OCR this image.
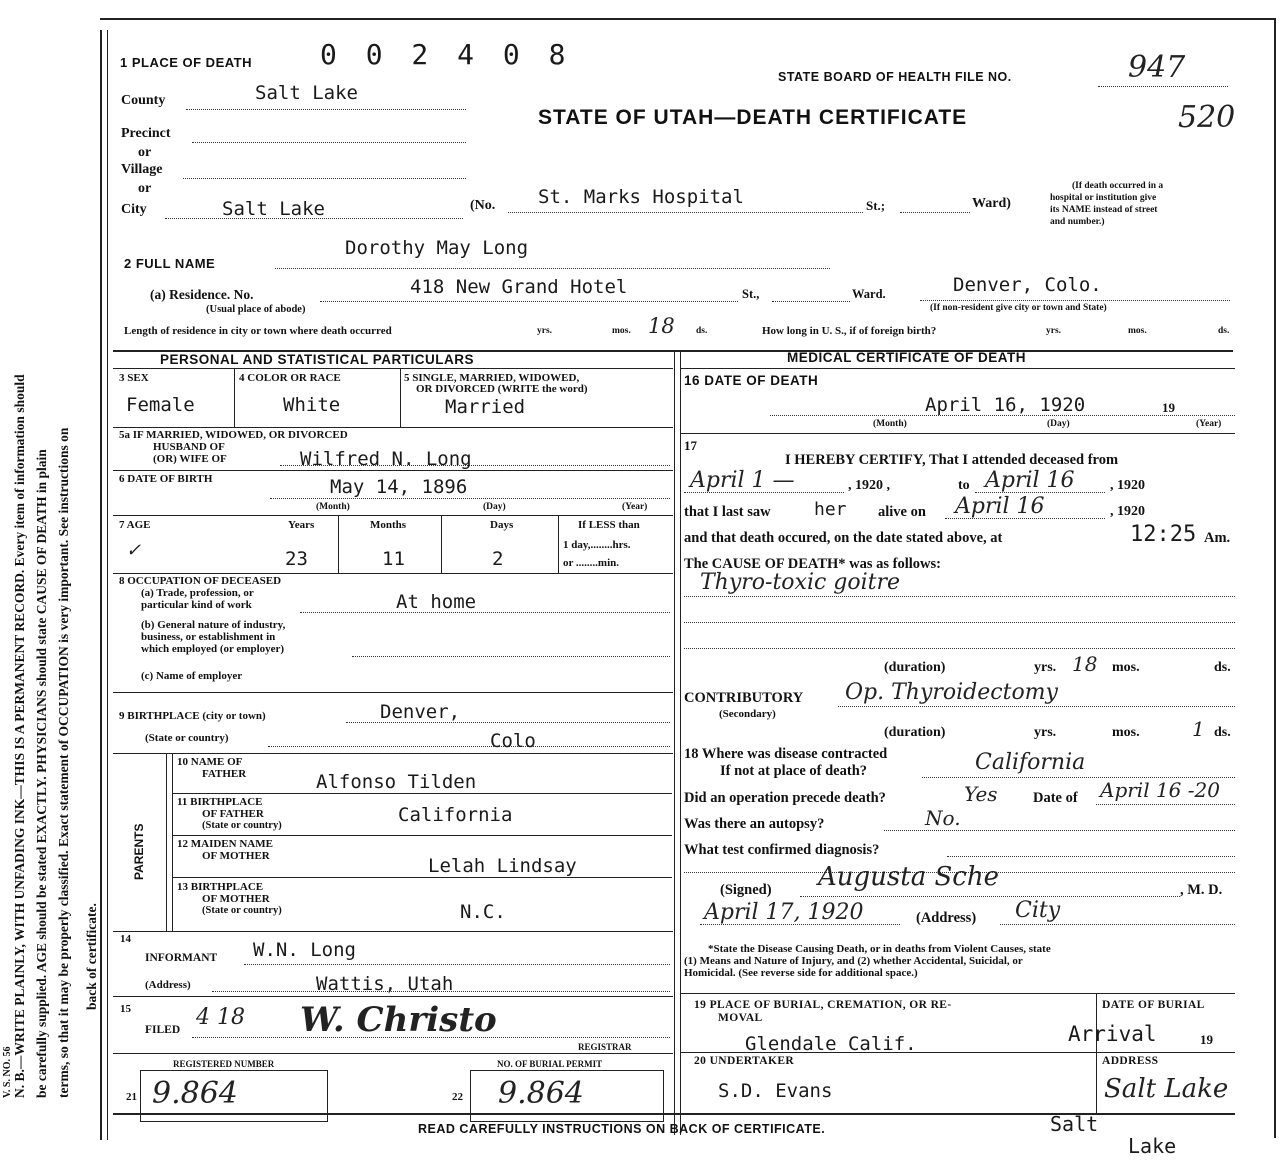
N. B.—WRITE PLAINLY, WITH UNFADING INK—THIS IS A PERMANENT RECORD. Every item of information should be carefully supplied. AGE should be stated EXACTLY. PHYSICIANS should state CAUSE OF DEATH in plain terms, so that it may be properly classified. Exact statement of OCCUPATION is very important. See instructions on back of certificate.
V. S. NO. 56
1 PLACE OF DEATH 0 0 2 4 0 8
STATE BOARD OF HEALTH FILE NO.	947
520
STATE OF UTAH—DEATH CERTIFICATE
County	Salt Lake
Precinct
or
Village
or
City	Salt Lake	(No. St. Marks Hospital	St.;	Ward)
(If death occurred in a
hospital or institution give
its NAME instead of street
and number.)
2 FULL NAME
Dorothy May Long
(a) Residence. No.	418 New Grand Hotel	St.,	Ward.	Denver, Colo.
(Usual place of abode)	(If non-resident give city or town and State)
Length of residence in city or town where death occurred	yrs.	mos. 18 ds.	How long in U. S., if of foreign birth?	yrs.	mos.	ds.
PERSONAL AND STATISTICAL PARTICULARS	MEDICAL CERTIFICATE OF DEATH
3 SEX
Female
4 COLOR OR RACE
White
5 SINGLE, MARRIED, WIDOWED,
OR DIVORCED (WRITE the word)
Married
5a IF MARRIED, WIDOWED, OR DIVORCED
HUSBAND OF
(OR) WIFE OF	Wilfred N. Long
6 DATE OF BIRTH	May 14, 1896
(Month)	(Day)	(Year)
7 AGE
✓
Years	Months	Days
23	11	2
If LESS than
1 day,........hrs.
or ........min.
8 OCCUPATION OF DECEASED
(a) Trade, profession, or
particular kind of work	At home
(b) General nature of industry,
business, or establishment in
which employed (or employer)
(c) Name of employer
9 BIRTHPLACE (city or town)	Denver,
(State or country)	Colo
PARENTS
10 NAME OF
FATHER	Alfonso Tilden
11 BIRTHPLACE
OF FATHER
(State or country)	California
12 MAIDEN NAME
OF MOTHER	Lelah Lindsay
13 BIRTHPLACE
OF MOTHER
(State or country)	N.C.
14
INFORMANT W.N. Long
(Address)	Wattis, Utah
15
FILED 4 18 W. Christo
REGISTRAR
REGISTERED NUMBER
21 9.864
NO. OF BURIAL PERMIT
22 9.864
16 DATE OF DEATH
April 16, 1920	19
(Month)	(Day)	(Year)
17
I HEREBY CERTIFY, That I attended deceased from
April 1 —	, 1920 ,	to April 16	, 1920
that I last saw her alive on April 16	, 1920
and that death occured, on the date stated above, at	12:25 Am.
The CAUSE OF DEATH* was as follows:
Thyro-toxic goitre
(duration)	yrs. 18 mos.	ds.
CONTRIBUTORY
(Secondary)
Op. Thyroidectomy
(duration)	yrs.	mos.	1 ds.
18 Where was disease contracted
If not at place of death?	California
Did an operation precede death?	Yes Date of April 16 -20
Was there an autopsy?	No.
What test confirmed diagnosis?
(Signed) Augusta Sche	, M. D.
April 17, 1920	(Address) City
*State the Disease Causing Death, or in deaths from Violent Causes, state
(1) Means and Nature of Injury, and (2) whether Accidental, Suicidal, or
Homicidal. (See reverse side for additional space.)
19 PLACE OF BURIAL, CREMATION, OR RE-
MOVAL
Glendale Calif.
DATE OF BURIAL
Arrival	19
20 UNDERTAKER
S.D. Evans
ADDRESS
Salt Lake
READ CAREFULLY INSTRUCTIONS ON BACK OF CERTIFICATE.	Salt
Lake
